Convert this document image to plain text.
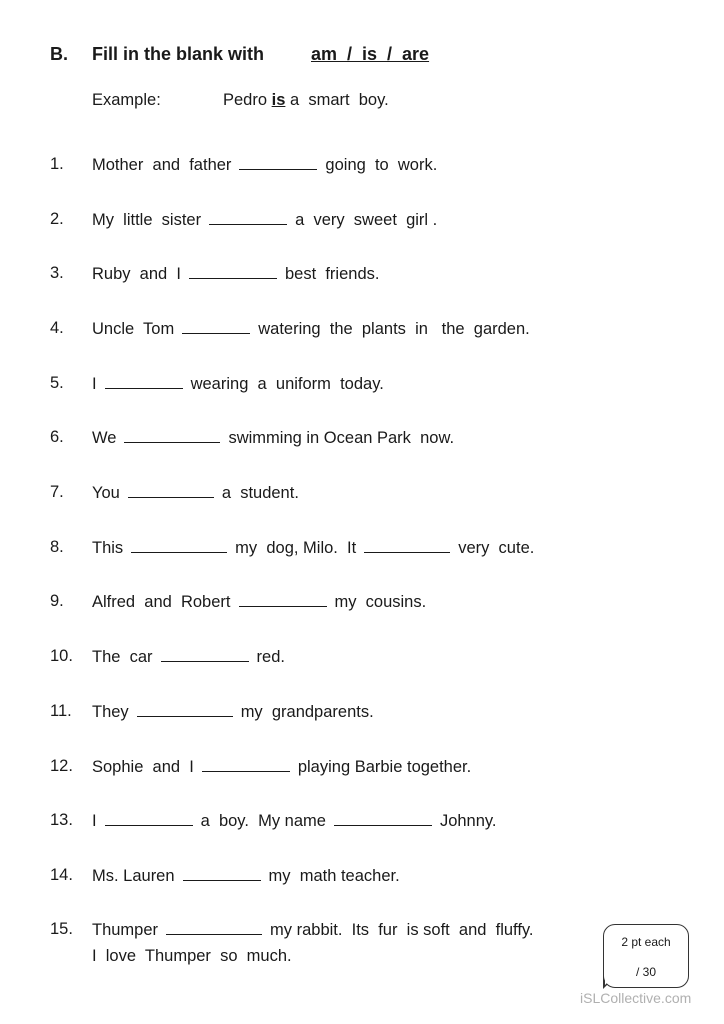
B. Fill in the blank with	am  /  is  /  are
Example:	Pedro is a  smart  boy.
1. Mother  and  father	going  to  work.
2. My  little  sister	a  very  sweet  girl .
3. Ruby  and  I	best  friends.
4. Uncle  Tom	watering  the  plants  in   the  garden.
5. I	wearing  a  uniform  today.
6. We	swimming in Ocean Park  now.
7. You	a  student.
8. This	my  dog, Milo.  It	very  cute.
9. Alfred  and  Robert	my  cousins.
10. The  car	red.
11. They	my  grandparents.
12. Sophie  and  I	playing Barbie together.
13. I	a  boy.  My name	Johnny.
14. Ms. Lauren	my  math teacher.
15. Thumper	my rabbit.  Its  fur  is soft  and  fluffy.
I  love  Thumper  so  much.
2 pt each
/ 30
iSLCollective.com
